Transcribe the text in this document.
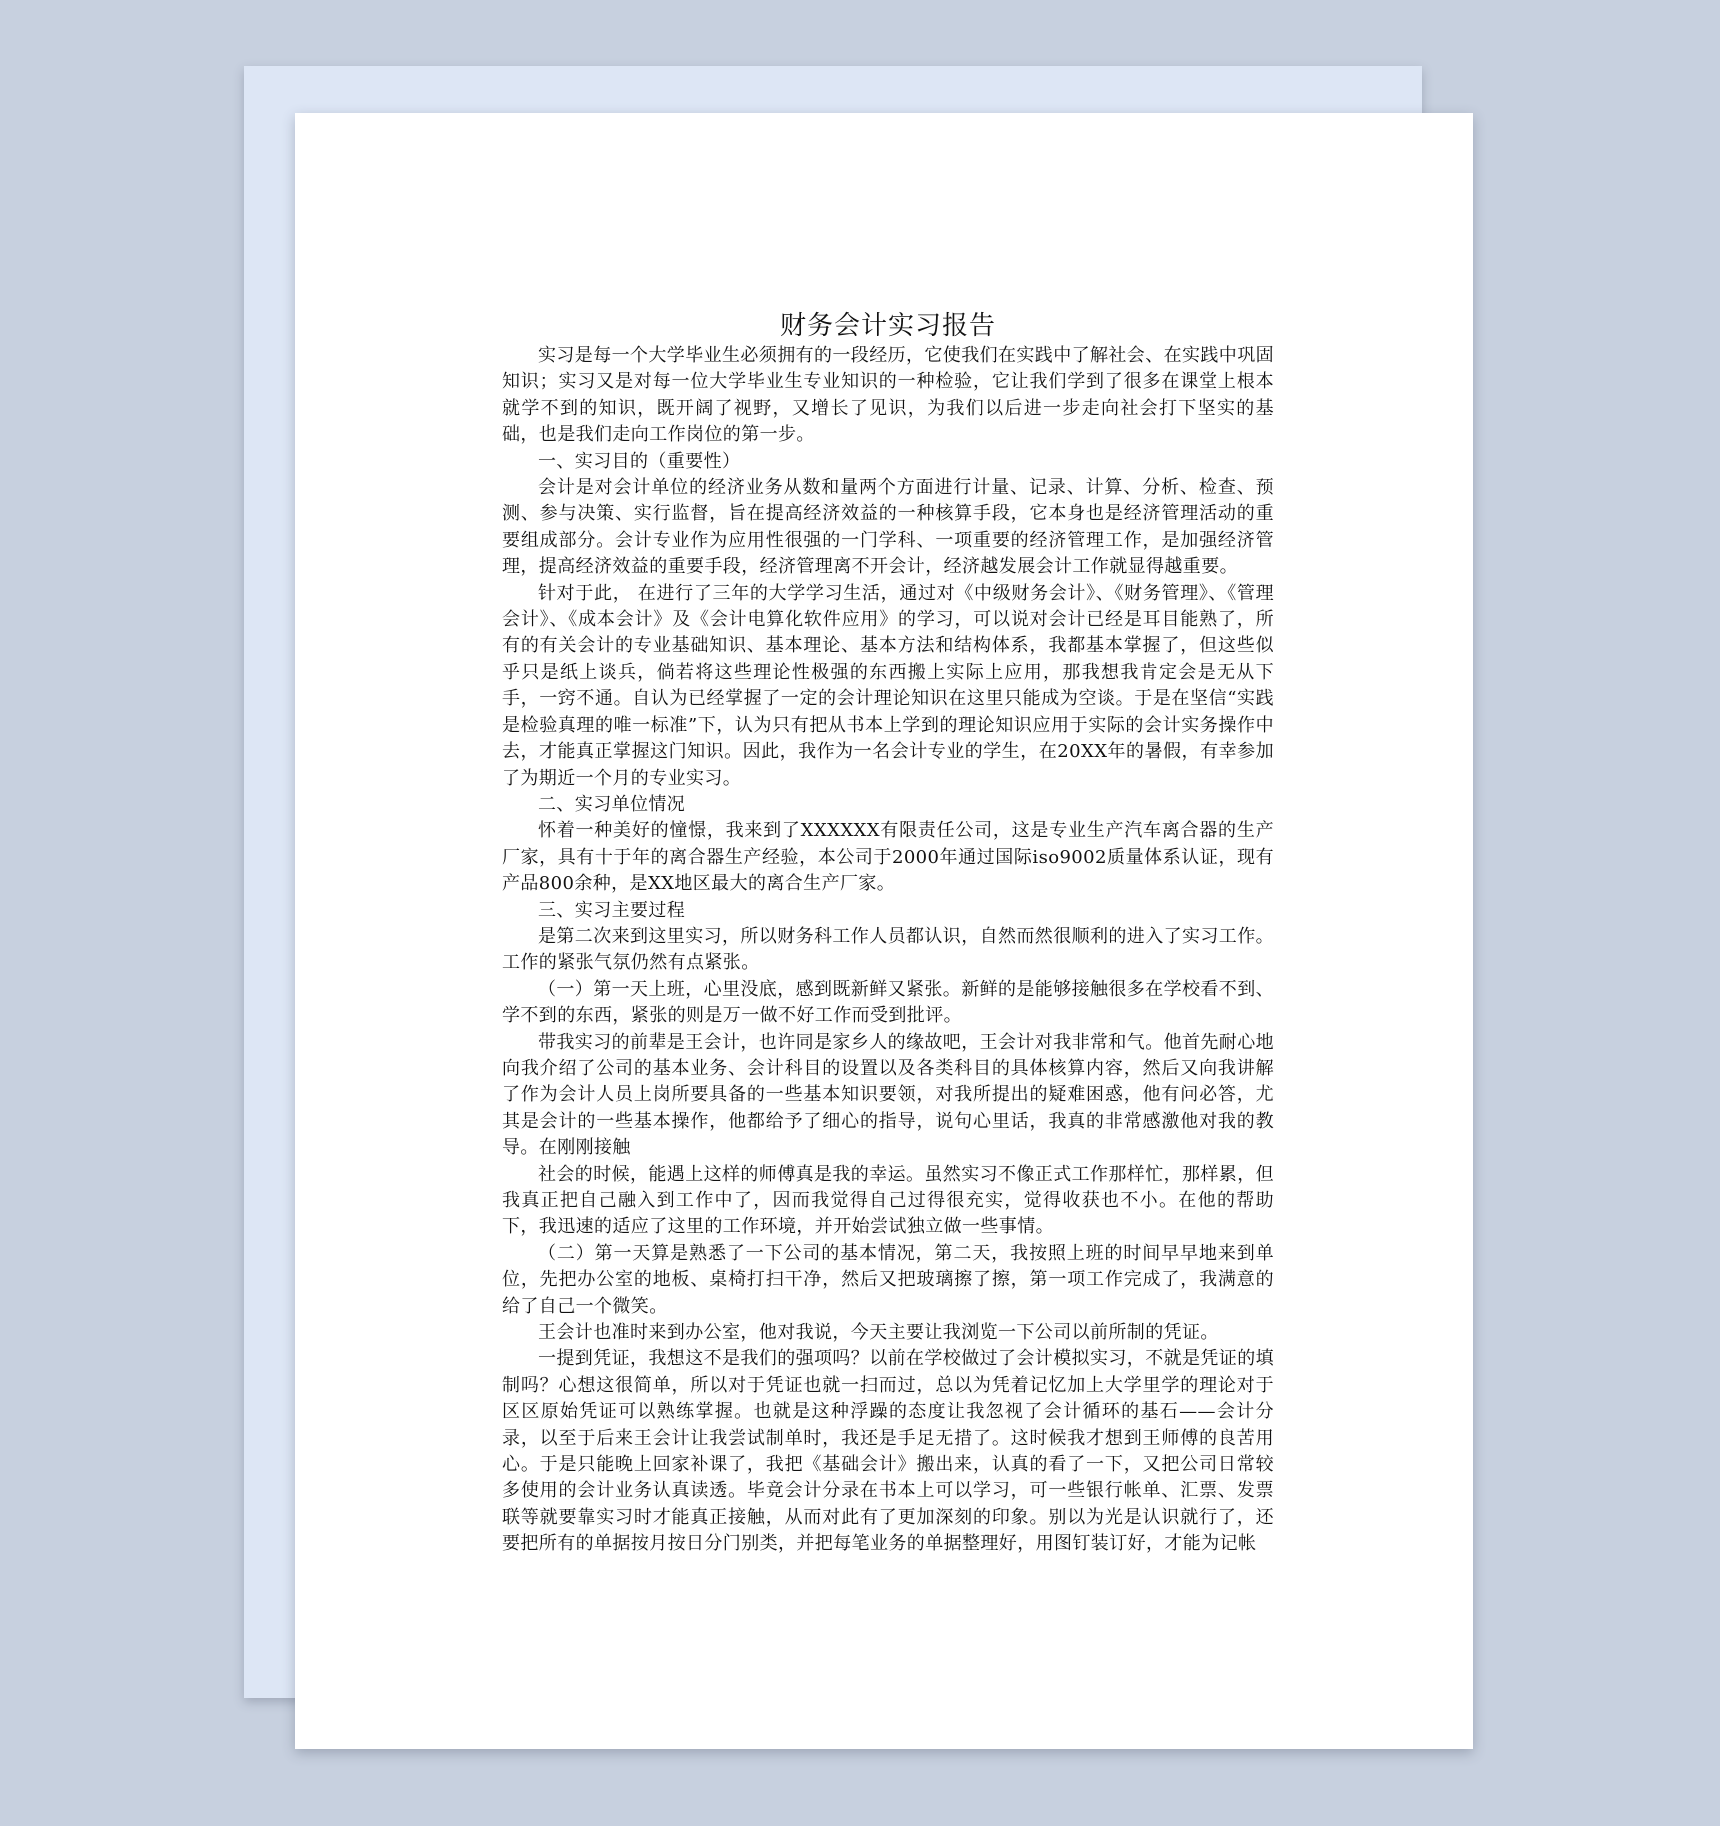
财务会计实习报告

实习是每一个大学毕业生必须拥有的一段经历，它使我们在实践中了解社会、在实践中巩固知识；实习又是对每一位大学毕业生专业知识的一种检验，它让我们学到了很多在课堂上根本就学不到的知识，既开阔了视野，又增长了见识，为我们以后进一步走向社会打下坚实的基础，也是我们走向工作岗位的第一步。

一、实习目的（重要性）

会计是对会计单位的经济业务从数和量两个方面进行计量、记录、计算、分析、检查、预测、参与决策、实行监督，旨在提高经济效益的一种核算手段，它本身也是经济管理活动的重要组成部分。会计专业作为应用性很强的一门学科、一项重要的经济管理工作，是加强经济管理，提高经济效益的重要手段，经济管理离不开会计，经济越发展会计工作就显得越重要。

针对于此， 在进行了三年的大学学习生活，通过对《中级财务会计》、《财务管理》、《管理会计》、《成本会计》及《会计电算化软件应用》的学习，可以说对会计已经是耳目能熟了，所有的有关会计的专业基础知识、基本理论、基本方法和结构体系，我都基本掌握了，但这些似乎只是纸上谈兵，倘若将这些理论性极强的东西搬上实际上应用，那我想我肯定会是无从下手，一窍不通。自认为已经掌握了一定的会计理论知识在这里只能成为空谈。于是在坚信“实践是检验真理的唯一标准”下，认为只有把从书本上学到的理论知识应用于实际的会计实务操作中去，才能真正掌握这门知识。因此，我作为一名会计专业的学生，在20XX年的暑假，有幸参加了为期近一个月的专业实习。

二、实习单位情况

怀着一种美好的憧憬，我来到了XXXXXX有限责任公司，这是专业生产汽车离合器的生产厂家，具有十于年的离合器生产经验，本公司于2000年通过国际iso9002质量体系认证，现有产品800余种，是XX地区最大的离合生产厂家。

三、实习主要过程

是第二次来到这里实习，所以财务科工作人员都认识，自然而然很顺利的进入了实习工作。工作的紧张气氛仍然有点紧张。

（一）第一天上班，心里没底，感到既新鲜又紧张。新鲜的是能够接触很多在学校看不到、学不到的东西，紧张的则是万一做不好工作而受到批评。

带我实习的前辈是王会计，也许同是家乡人的缘故吧，王会计对我非常和气。他首先耐心地向我介绍了公司的基本业务、会计科目的设置以及各类科目的具体核算内容，然后又向我讲解了作为会计人员上岗所要具备的一些基本知识要领，对我所提出的疑难困惑，他有问必答，尤其是会计的一些基本操作，他都给予了细心的指导，说句心里话，我真的非常感激他对我的教导。在刚刚接触

社会的时候，能遇上这样的师傅真是我的幸运。虽然实习不像正式工作那样忙，那样累，但我真正把自己融入到工作中了，因而我觉得自己过得很充实，觉得收获也不小。在他的帮助下，我迅速的适应了这里的工作环境，并开始尝试独立做一些事情。

（二）第一天算是熟悉了一下公司的基本情况，第二天，我按照上班的时间早早地来到单位，先把办公室的地板、桌椅打扫干净，然后又把玻璃擦了擦，第一项工作完成了，我满意的给了自己一个微笑。

王会计也准时来到办公室，他对我说，今天主要让我浏览一下公司以前所制的凭证。

一提到凭证，我想这不是我们的强项吗？以前在学校做过了会计模拟实习，不就是凭证的填制吗？心想这很简单，所以对于凭证也就一扫而过，总以为凭着记忆加上大学里学的理论对于区区原始凭证可以熟练掌握。也就是这种浮躁的态度让我忽视了会计循环的基石——会计分录，以至于后来王会计让我尝试制单时，我还是手足无措了。这时候我才想到王师傅的良苦用心。于是只能晚上回家补课了，我把《基础会计》搬出来，认真的看了一下，又把公司日常较多使用的会计业务认真读透。毕竟会计分录在书本上可以学习，可一些银行帐单、汇票、发票联等就要靠实习时才能真正接触，从而对此有了更加深刻的印象。别以为光是认识就行了，还要把所有的单据按月按日分门别类，并把每笔业务的单据整理好，用图钉装订好，才能为记帐
